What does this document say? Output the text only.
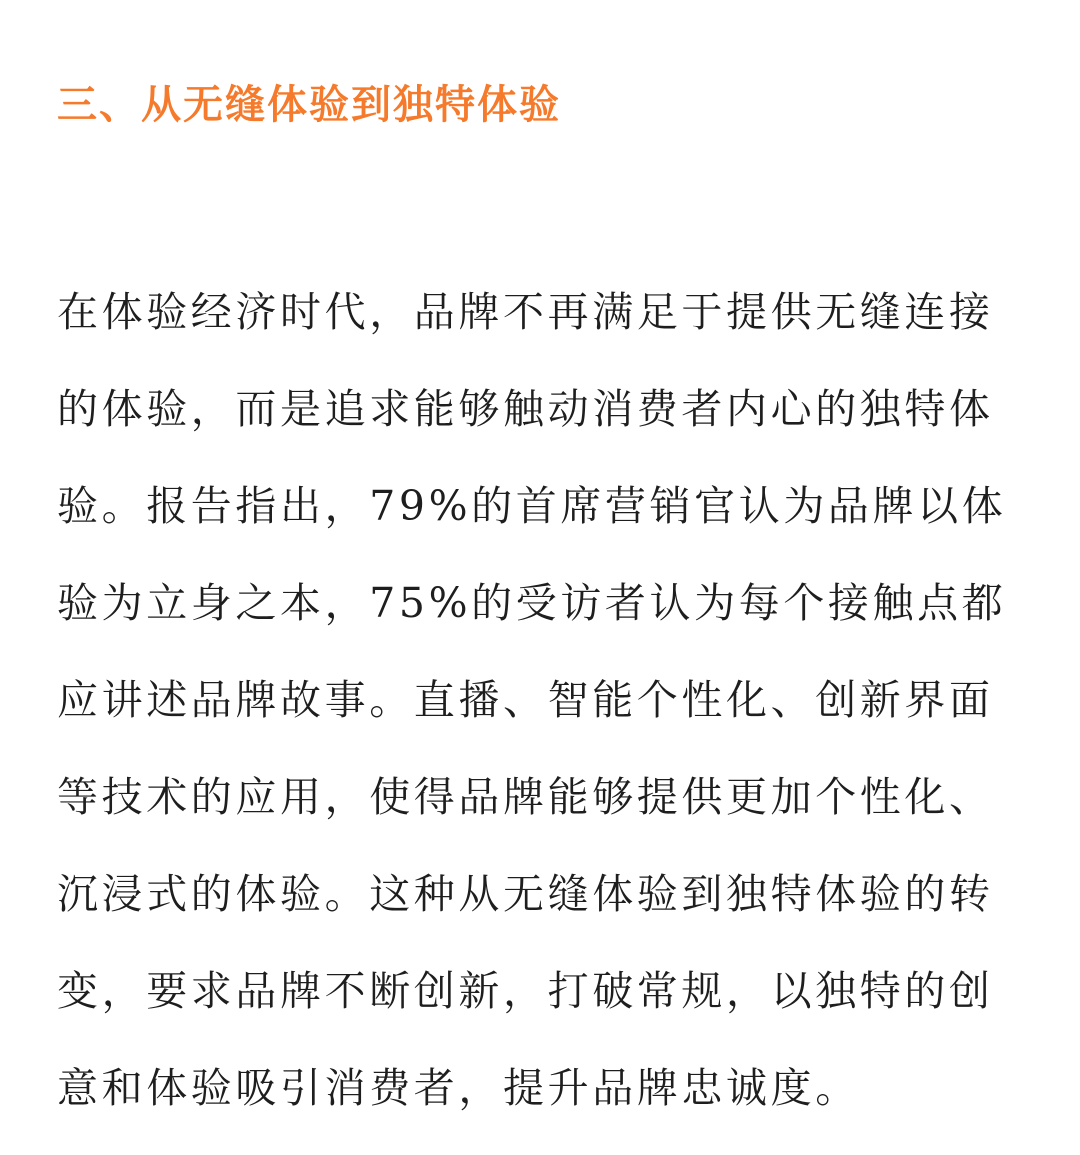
三、从无缝体验到独特体验

在体验经济时代，品牌不再满足于提供无缝连接
的体验，而是追求能够触动消费者内心的独特体
验。报告指出，79%的首席营销官认为品牌以体
验为立身之本，75%的受访者认为每个接触点都
应讲述品牌故事。直播、智能个性化、创新界面
等技术的应用，使得品牌能够提供更加个性化、
沉浸式的体验。这种从无缝体验到独特体验的转
变，要求品牌不断创新，打破常规，以独特的创
意和体验吸引消费者，提升品牌忠诚度。
